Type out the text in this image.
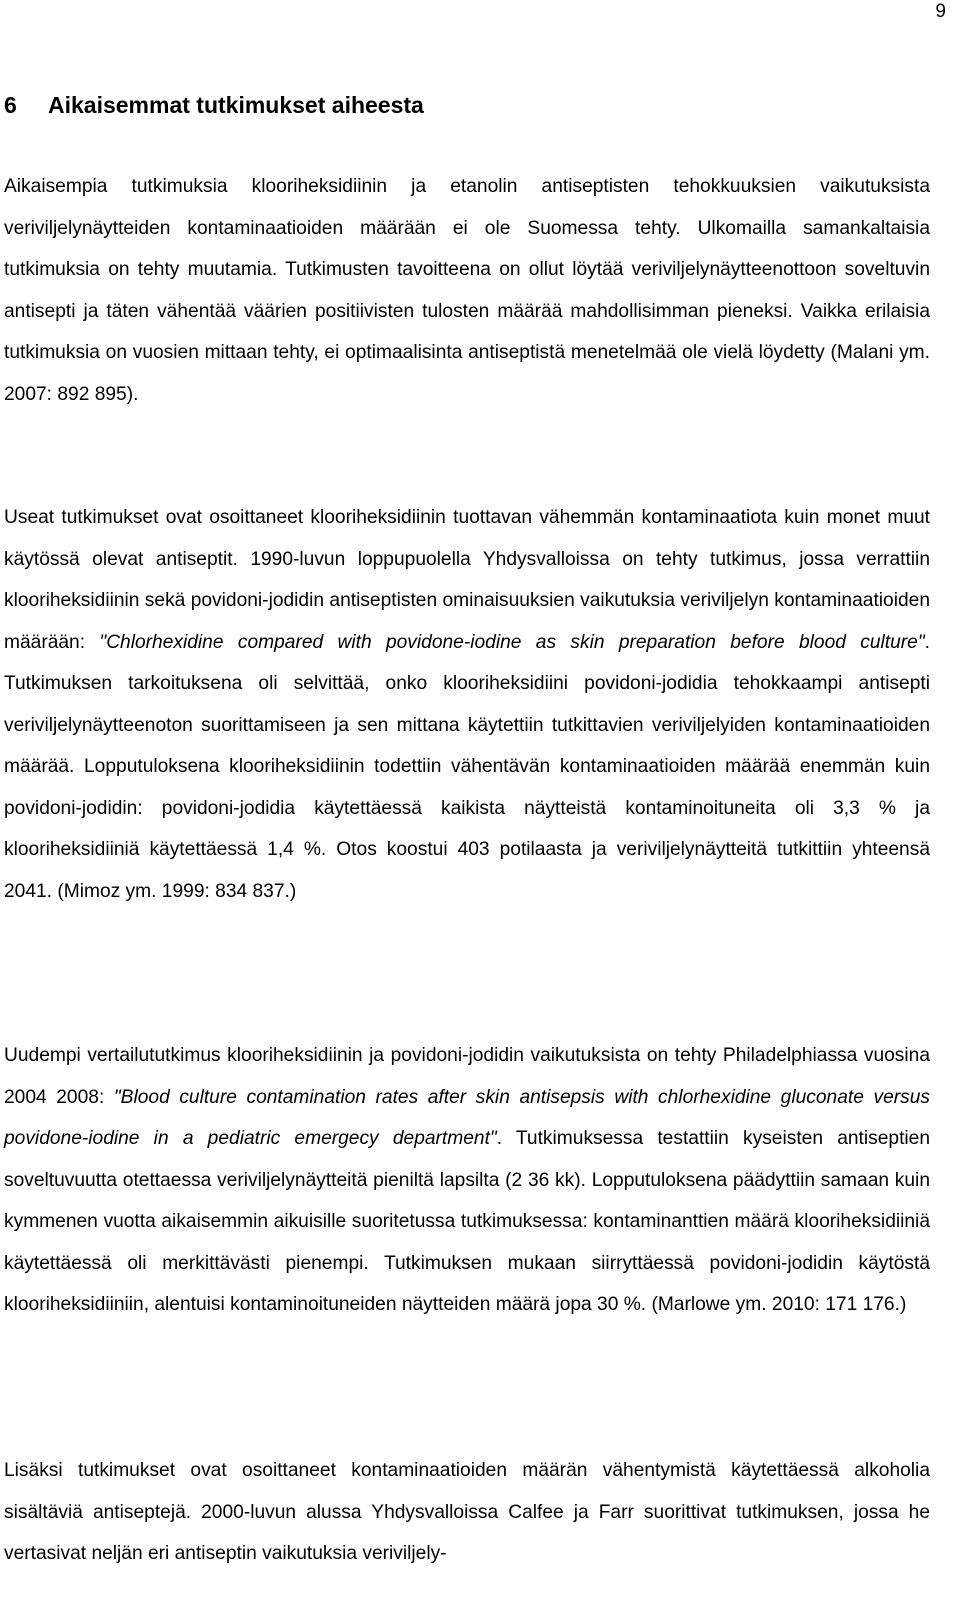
9
6 Aikaisemmat tutkimukset aiheesta

Aikaisempia tutkimuksia klooriheksidiinin ja etanolin antiseptisten tehokkuuksien vaikutuksista veriviljelynäytteiden kontaminaatioiden määrään ei ole Suomessa tehty. Ulkomailla samankaltaisia tutkimuksia on tehty muutamia. Tutkimusten tavoitteena on ollut löytää veriviljelynäytteenottoon soveltuvin antisepti ja täten vähentää väärien positiivisten tulosten määrää mahdollisimman pieneksi. Vaikka erilaisia tutkimuksia on vuosien mittaan tehty, ei optimaalisinta antiseptistä menetelmää ole vielä löydetty (Malani ym. 2007: 892 895).

Useat tutkimukset ovat osoittaneet klooriheksidiinin tuottavan vähemmän kontaminaatiota kuin monet muut käytössä olevat antiseptit. 1990-luvun loppupuolella Yhdysvalloissa on tehty tutkimus, jossa verrattiin klooriheksidiinin sekä povidoni-jodidin antiseptisten ominaisuuksien vaikutuksia veriviljelyn kontaminaatioiden määrään: "Chlorhexidine compared with povidone-iodine as skin preparation before blood culture". Tutkimuksen tarkoituksena oli selvittää, onko klooriheksidiini povidoni-jodidia tehokkaampi antisepti veriviljelynäytteenoton suorittamiseen ja sen mittana käytettiin tutkittavien veriviljelyiden kontaminaatioiden määrää. Lopputuloksena klooriheksidiinin todettiin vähentävän kontaminaatioiden määrää enemmän kuin povidoni-jodidin: povidoni-jodidia käytettäessä kaikista näytteistä kontaminoituneita oli 3,3 % ja klooriheksidiiniä käytettäessä 1,4 %. Otos koostui 403 potilaasta ja veriviljelynäytteitä tutkittiin yhteensä 2041. (Mimoz ym. 1999: 834 837.)

Uudempi vertailututkimus klooriheksidiinin ja povidoni-jodidin vaikutuksista on tehty Philadelphiassa vuosina 2004 2008: "Blood culture contamination rates after skin antisepsis with chlorhexidine gluconate versus povidone-iodine in a pediatric emergecy department". Tutkimuksessa testattiin kyseisten antiseptien soveltuvuutta otettaessa veriviljelynäytteitä pieniltä lapsilta (2 36 kk). Lopputuloksena päädyttiin samaan kuin kymmenen vuotta aikaisemmin aikuisille suoritetussa tutkimuksessa: kontaminanttien määrä klooriheksidiiniä käytettäessä oli merkittävästi pienempi. Tutkimuksen mukaan siirryttäessä povidoni-jodidin käytöstä klooriheksidiiniin, alentuisi kontaminoituneiden näytteiden määrä jopa 30 %. (Marlowe ym. 2010: 171 176.)

Lisäksi tutkimukset ovat osoittaneet kontaminaatioiden määrän vähentymistä käytettäessä alkoholia sisältäviä antiseptejä. 2000-luvun alussa Yhdysvalloissa Calfee ja Farr suorittivat tutkimuksen, jossa he vertasivat neljän eri antiseptin vaikutuksia veriviljely-
